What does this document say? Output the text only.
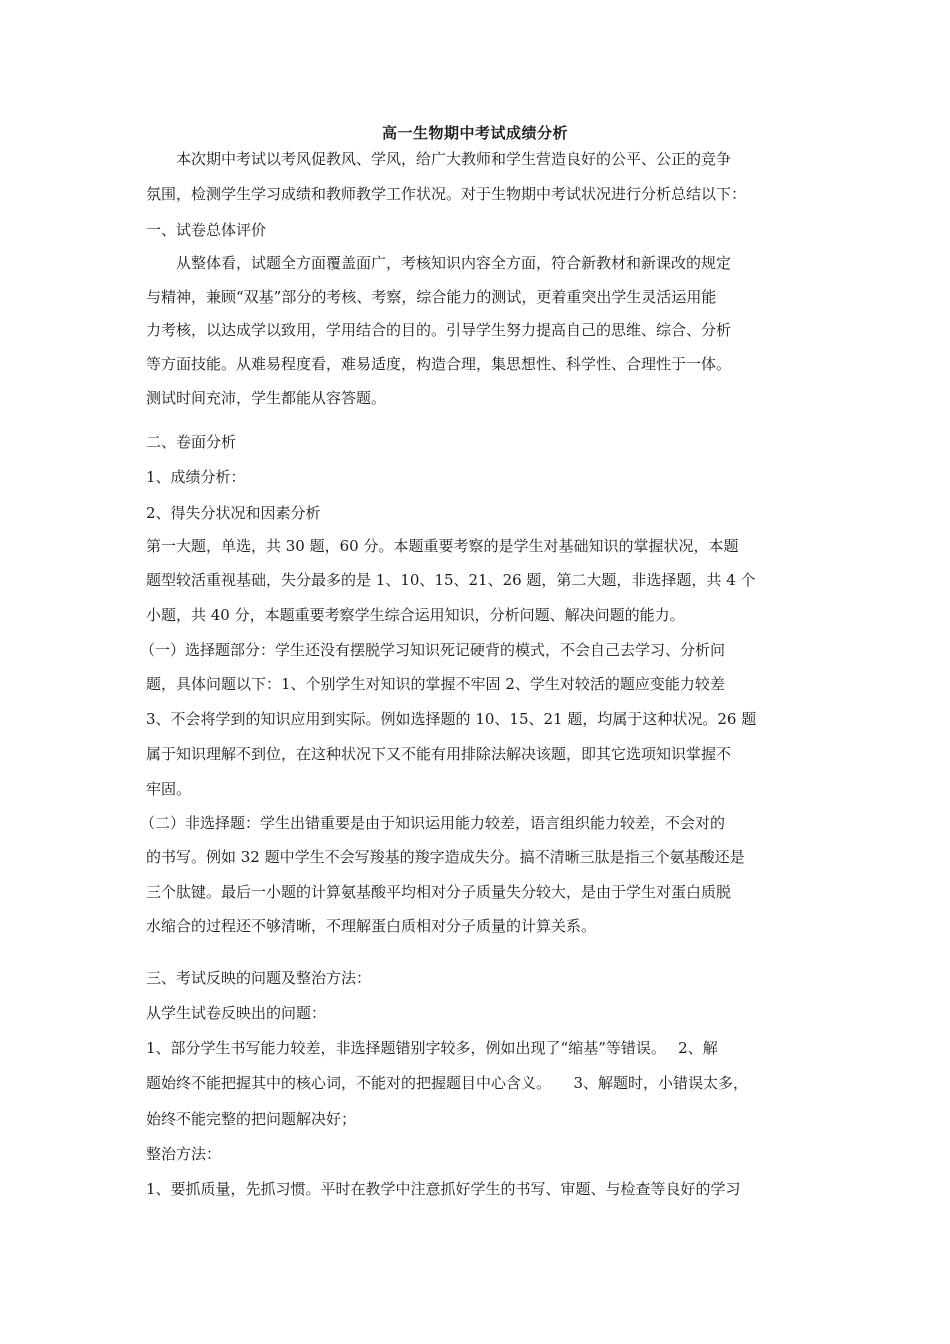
高一生物期中考试成绩分析
本次期中考试以考风促教风、学风，给广大教师和学生营造良好的公平、公正的竞争
氛围，检测学生学习成绩和教师教学工作状况。对于生物期中考试状况进行分析总结以下：
一、试卷总体评价
从整体看，试题全方面覆盖面广，考核知识内容全方面，符合新教材和新课改的规定
与精神，兼顾“双基”部分的考核、考察，综合能力的测试，更着重突出学生灵活运用能
力考核，以达成学以致用，学用结合的目的。引导学生努力提高自己的思维、综合、分析
等方面技能。从难易程度看，难易适度，构造合理，集思想性、科学性、合理性于一体。
测试时间充沛，学生都能从容答题。
二、卷面分析
1、成绩分析：
2、得失分状况和因素分析
第一大题，单选，共 30 题，60 分。本题重要考察的是学生对基础知识的掌握状况，本题
题型较活重视基础，失分最多的是 1、10、15、21、26 题，第二大题，非选择题，共 4 个
小题，共 40 分，本题重要考察学生综合运用知识，分析问题、解决问题的能力。
（一）选择题部分：学生还没有摆脱学习知识死记硬背的模式，不会自己去学习、分析问
题，具体问题以下：1、个别学生对知识的掌握不牢固 2、学生对较活的题应变能力较差
3、不会将学到的知识应用到实际。例如选择题的 10、15、21 题，均属于这种状况。26 题
属于知识理解不到位，在这种状况下又不能有用排除法解决该题，即其它选项知识掌握不
牢固。
（二）非选择题：学生出错重要是由于知识运用能力较差，语言组织能力较差，不会对的
的书写。例如 32 题中学生不会写羧基的羧字造成失分。搞不清晰三肽是指三个氨基酸还是
三个肽键。最后一小题的计算氨基酸平均相对分子质量失分较大，是由于学生对蛋白质脱
水缩合的过程还不够清晰，不理解蛋白质相对分子质量的计算关系。
三、考试反映的问题及整治方法：
从学生试卷反映出的问题：
1、部分学生书写能力较差，非选择题错别字较多，例如出现了“缩基”等错误。　 2、解
题始终不能把握其中的核心词，不能对的把握题目中心含义。　　3、解题时，小错误太多，
始终不能完整的把问题解决好；
整治方法：
1、要抓质量，先抓习惯。平时在教学中注意抓好学生的书写、审题、与检查等良好的学习
